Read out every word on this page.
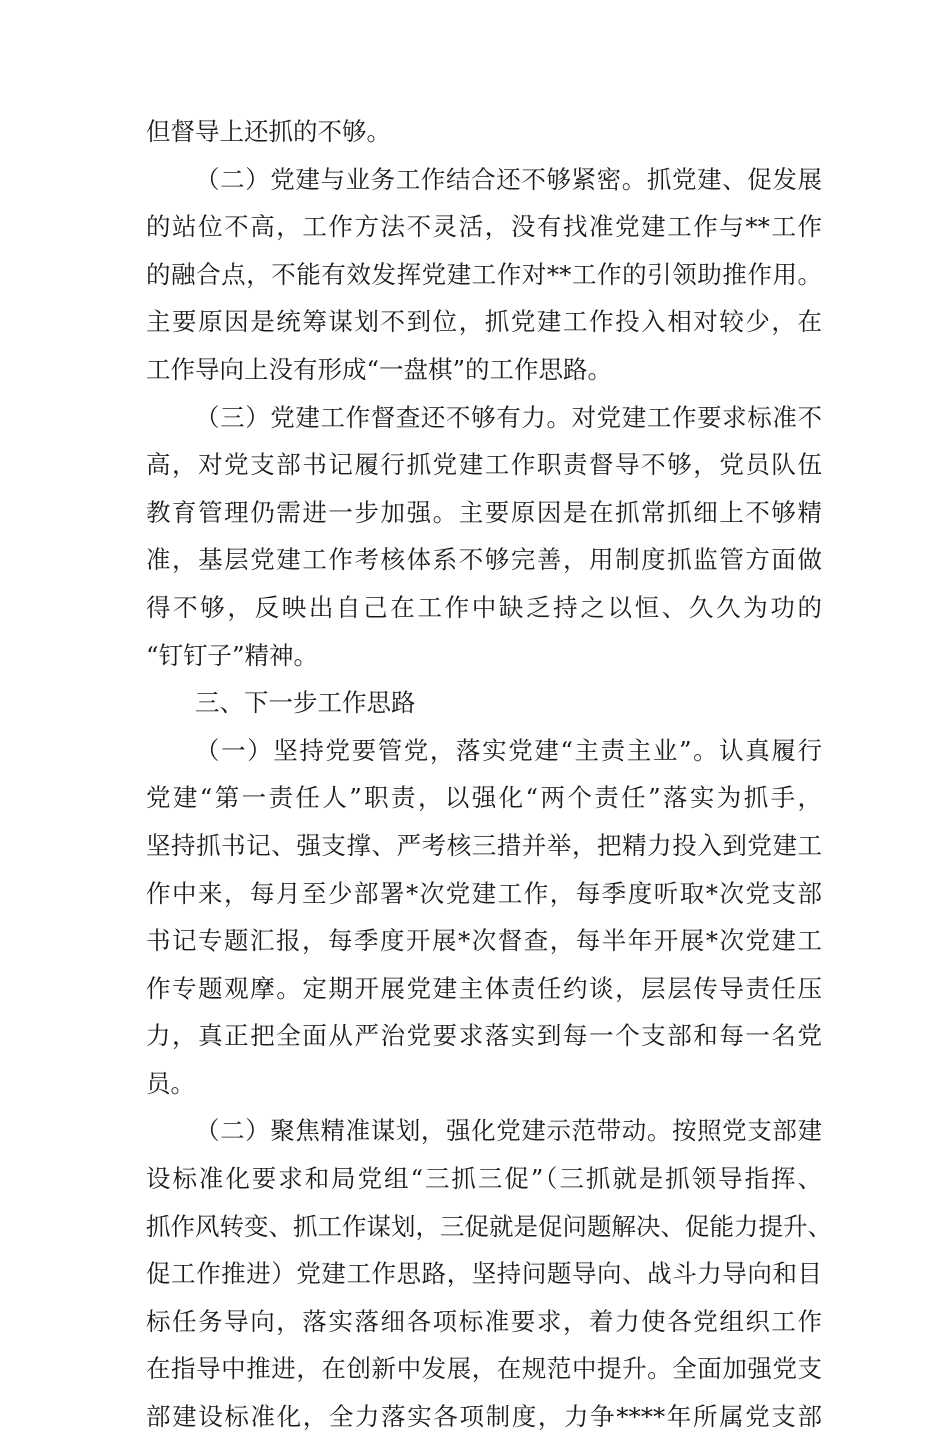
但督导上还抓的不够。
（二）党建与业务工作结合还不够紧密。抓党建、促发展
的站位不高，工作方法不灵活，没有找准党建工作与**工作
的融合点，不能有效发挥党建工作对**工作的引领助推作用。
主要原因是统筹谋划不到位，抓党建工作投入相对较少，在
工作导向上没有形成“一盘棋”的工作思路。
（三）党建工作督查还不够有力。对党建工作要求标准不
高，对党支部书记履行抓党建工作职责督导不够，党员队伍
教育管理仍需进一步加强。主要原因是在抓常抓细上不够精
准，基层党建工作考核体系不够完善，用制度抓监管方面做
得不够，反映出自己在工作中缺乏持之以恒、久久为功的
“钉钉子”精神。
三、下一步工作思路
（一）坚持党要管党，落实党建“主责主业”。认真履行
党建“第一责任人”职责，以强化“两个责任”落实为抓手，
坚持抓书记、强支撑、严考核三措并举，把精力投入到党建工
作中来，每月至少部署*次党建工作，每季度听取*次党支部
书记专题汇报，每季度开展*次督查，每半年开展*次党建工
作专题观摩。定期开展党建主体责任约谈，层层传导责任压
力，真正把全面从严治党要求落实到每一个支部和每一名党
员。
（二）聚焦精准谋划，强化党建示范带动。按照党支部建
设标准化要求和局党组“三抓三促”（三抓就是抓领导指挥、
抓作风转变、抓工作谋划，三促就是促问题解决、促能力提升、
促工作推进）党建工作思路，坚持问题导向、战斗力导向和目
标任务导向，落实落细各项标准要求，着力使各党组织工作
在指导中推进，在创新中发展，在规范中提升。全面加强党支
部建设标准化，全力落实各项制度，力争****年所属党支部
